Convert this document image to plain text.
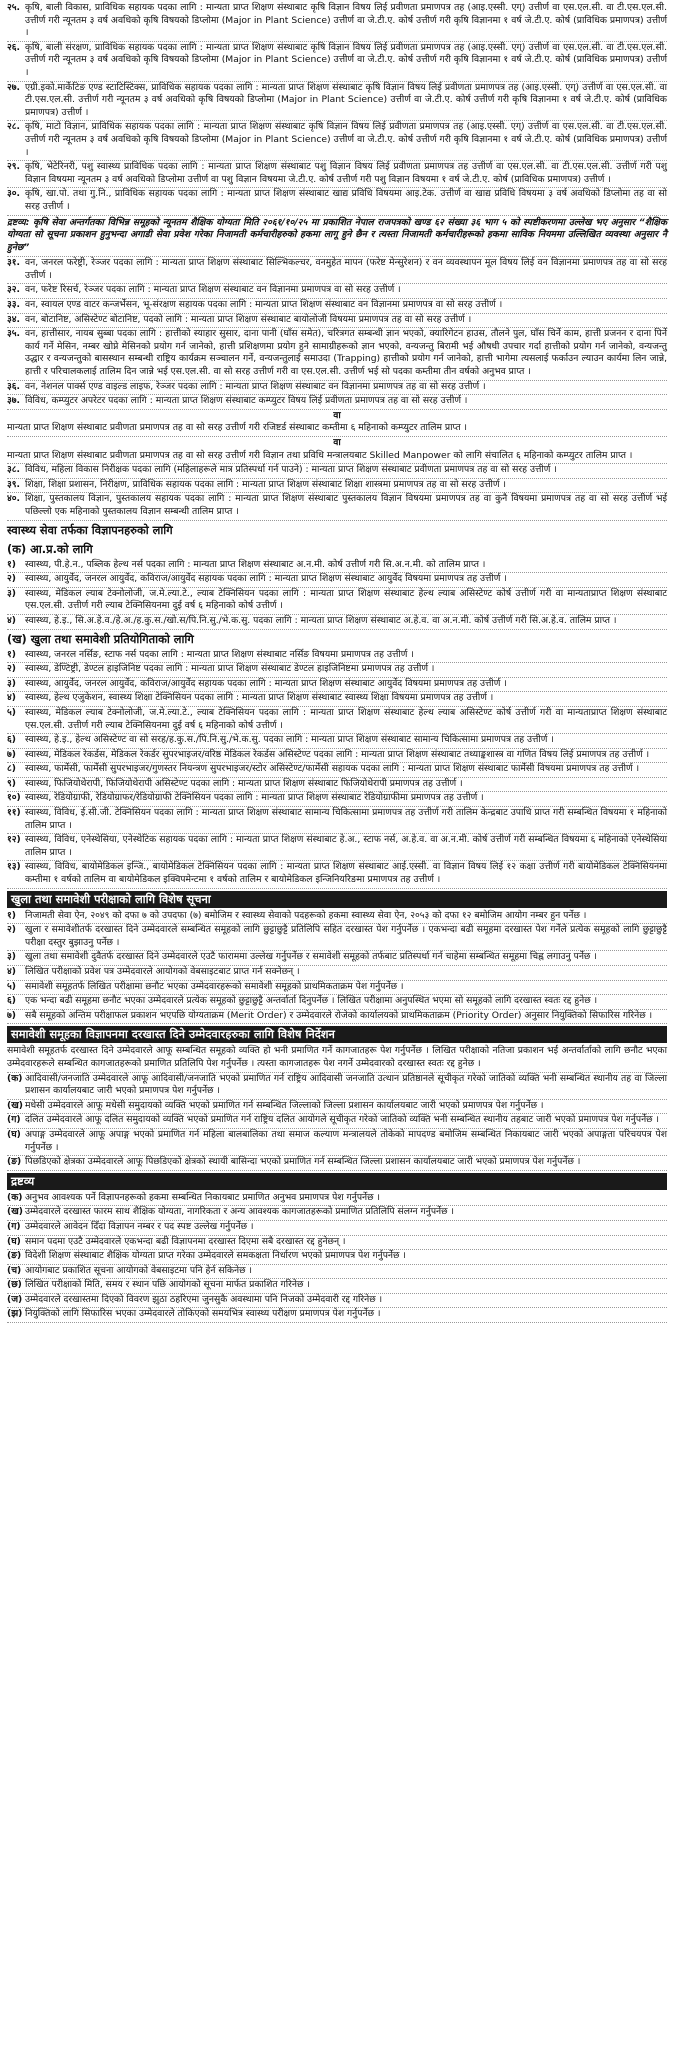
२५. कृषि, बाली विकास, प्राविधिक सहायक पदका लागि : मान्यता प्राप्त शिक्षण संस्थाबाट कृषि विज्ञान विषय लिई प्रवीणता प्रमाणपत्र तह (आइ.एस्सी. एग्) उत्तीर्ण वा एस.एल.सी. वा टी.एस.एल.सी. उत्तीर्ण गरी न्यूनतम ३ वर्ष अवधिको कृषि विषयको डिप्लोमा (Major in Plant Science) उत्तीर्ण वा जे.टी.ए. कोर्ष उत्तीर्ण गरी कृषि विज्ञानमा १ वर्ष जे.टी.ए. कोर्ष (प्राविधिक प्रमाणपत्र) उत्तीर्ण ।
२६. कृषि, बाली संरक्षण, प्राविधिक सहायक पदका लागि : मान्यता प्राप्त शिक्षण संस्थाबाट कृषि विज्ञान विषय लिई प्रवीणता प्रमाणपत्र तह (आइ.एस्सी. एग्) उत्तीर्ण वा एस.एल.सी. वा टी.एस.एल.सी. उत्तीर्ण गरी न्यूनतम ३ वर्ष अवधिको कृषि विषयको डिप्लोमा (Major in Plant Science) उत्तीर्ण वा जे.टी.ए. कोर्ष उत्तीर्ण गरी कृषि विज्ञानमा १ वर्ष जे.टी.ए. कोर्ष (प्राविधिक प्रमाणपत्र) उत्तीर्ण ।
२७. एग्री.इको.मार्केटिङ एण्ड स्टाटिस्टिक्स, प्राविधिक सहायक पदका लागि : मान्यता प्राप्त शिक्षण संस्थाबाट कृषि विज्ञान विषय लिई प्रवीणता प्रमाणपत्र तह (आइ.एस्सी. एग्) उत्तीर्ण वा एस.एल.सी. वा टी.एस.एल.सी. उत्तीर्ण गरी न्यूनतम ३ वर्ष अवधिको कृषि विषयको डिप्लोमा (Major in Plant Science) उत्तीर्ण वा जे.टी.ए. कोर्ष उत्तीर्ण गरी कृषि विज्ञानमा १ वर्ष जे.टी.ए. कोर्ष (प्राविधिक प्रमाणपत्र) उत्तीर्ण ।
२८. कृषि, माटो विज्ञान, प्राविधिक सहायक पदका लागि : मान्यता प्राप्त शिक्षण संस्थाबाट कृषि विज्ञान विषय लिई प्रवीणता प्रमाणपत्र तह (आइ.एस्सी. एग्) उत्तीर्ण वा एस.एल.सी. वा टी.एस.एल.सी. उत्तीर्ण गरी न्यूनतम ३ वर्ष अवधिको कृषि विषयको डिप्लोमा (Major in Plant Science) उत्तीर्ण वा जे.टी.ए. कोर्ष उत्तीर्ण गरी कृषि विज्ञानमा १ वर्ष जे.टी.ए. कोर्ष (प्राविधिक प्रमाणपत्र) उत्तीर्ण ।
२९. कृषि, भेटेरिनरी, पशु स्वास्थ्य प्राविधिक पदका लागि : मान्यता प्राप्त शिक्षण संस्थाबाट पशु विज्ञान विषय लिई प्रवीणता प्रमाणपत्र तह उत्तीर्ण वा एस.एल.सी. वा टी.एस.एल.सी. उत्तीर्ण गरी पशु विज्ञान विषयमा न्यूनतम ३ वर्ष अवधिको डिप्लोमा उत्तीर्ण वा पशु विज्ञान विषयमा जे.टी.ए. कोर्ष उत्तीर्ण गरी पशु विज्ञान विषयमा १ वर्ष जे.टी.ए. कोर्ष (प्राविधिक प्रमाणपत्र) उत्तीर्ण ।
३०. कृषि, खा.पो. तथा गु.नि., प्राविधिक सहायक पदका लागि : मान्यता प्राप्त शिक्षण संस्थाबाट खाद्य प्रविधि विषयमा आइ.टेक. उत्तीर्ण वा खाद्य प्रविधि विषयमा ३ वर्ष अवधिको डिप्लोमा तह वा सो सरह उत्तीर्ण ।
द्रष्टव्य: कृषि सेवा अन्तर्गतका विभिन्न समूहको न्यूनतम शैक्षिक योग्यता मिति २०६१/१०/२५ मा प्रकाशित नेपाल राजपत्रको खण्ड ६२ संख्या ३६ भाग ५ को स्पष्टीकरणमा उल्लेख भए अनुसार “शैक्षिक योग्यता सो सूचना प्रकाशन हुनुभन्दा अगाडी सेवा प्रवेश गरेका निजामती कर्मचारीहरुको हकमा लागू हुने छैन र त्यस्ता निजामती कर्मचारीहरूको हकमा साविक नियममा उल्लिखित व्यवस्था अनुसार नै हुनेछ”
३१. वन, जनरल फरेष्ट्री, रेञ्जर पदका लागि : मान्यता प्राप्त शिक्षण संस्थाबाट सिल्भिकल्चर, वनमुहेत मापन (फरेष्ट मेन्सुरेशन) र वन व्यवस्थापन मूल विषय लिई वन विज्ञानमा प्रमाणपत्र तह वा सो सरह उत्तीर्ण ।
३२. वन, फरेष्ट रिसर्च, रेञ्जर पदका लागि : मान्यता प्राप्त शिक्षण संस्थाबाट वन विज्ञानमा प्रमाणपत्र वा सो सरह उत्तीर्ण ।
३३. वन, स्वायल एण्ड वाटर कन्जर्भेसन, भू-संरक्षण सहायक पदका लागि : मान्यता प्राप्त शिक्षण संस्थाबाट वन विज्ञानमा प्रमाणपत्र वा सो सरह उत्तीर्ण ।
३४. वन, बोटानिष्ट, असिस्टेण्ट बोटानिष्ट, पदको लागि : मान्यता प्राप्त शिक्षण संस्थाबाट बायोलोजी विषयमा प्रमाणपत्र तह वा सो सरह उत्तीर्ण ।
३५. वन, हात्तीसार, नायब सुब्बा पदका लागि : हात्तीको स्याहार सुसार, दाना पानी (घाँस समेत), चरित्रगत सम्बन्धी ज्ञान भएको, क्यारिगेटन हाउस, तौलने पुल, घाँस चिर्ने काम, हात्ती प्रजनन र दाना पिर्ने कार्य गर्ने मेसिन, नम्बर खोप्ने मेसिनको प्रयोग गर्न जानेको, हात्ती प्रशिक्षणमा प्रयोग हुने सामाग्रीहरूको ज्ञान भएको, वन्यजन्तु बिरामी भई औषधी उपचार गर्दा हात्तीको प्रयोग गर्न जानेको, वन्यजन्तु उद्धार र वन्यजन्तुको बासस्थान सम्बन्धी राष्ट्रिय कार्यक्रम सञ्चालन गर्ने, वन्यजन्तुलाई समाउदा (Trapping) हात्तीको प्रयोग गर्न जानेको, हात्ती भागेमा त्यसलाई फर्काउन ल्याउन कार्यमा लिन जान्ने, हात्ती र परिचालकलाई तालिम दिन जान्ने भई एस.एल.सी. वा सो सरह उत्तीर्ण गरी वा एस.एल.सी. उत्तीर्ण भई सो पदका कम्तीमा तीन वर्षको अनुभव प्राप्त ।
३६. वन, नेशनल पार्क्स एण्ड वाइल्ड लाइफ, रेञ्जर पदका लागि : मान्यता प्राप्त शिक्षण संस्थाबाट वन विज्ञानमा प्रमाणपत्र तह वा सो सरह उत्तीर्ण ।
३७. विविध, कम्प्युटर अपरेटर पदका लागि : मान्यता प्राप्त शिक्षण संस्थाबाट कम्प्युटर विषय लिई प्रवीणता प्रमाणपत्र तह वा सो सरह उत्तीर्ण ।
वा
मान्यता प्राप्त शिक्षण संस्थाबाट प्रवीणता प्रमाणपत्र तह वा सो सरह उत्तीर्ण गरी रजिष्टर्ड संस्थाबाट कम्तीमा ६ महिनाको कम्प्युटर तालिम प्राप्त ।
वा
मान्यता प्राप्त शिक्षण संस्थाबाट प्रवीणता प्रमाणपत्र तह वा सो सरह उत्तीर्ण गरी विज्ञान तथा प्रविधि मन्त्रालयबाट Skilled Manpower को लागि संचालित ६ महिनाको कम्प्युटर तालिम प्राप्त ।
३८. विविध, महिला विकास निरीक्षक पदका लागि (महिलाहरूले मात्र प्रतिस्पर्धा गर्न पाउने) : मान्यता प्राप्त शिक्षण संस्थाबाट प्रवीणता प्रमाणपत्र तह वा सो सरह उत्तीर्ण ।
३९. शिक्षा, शिक्षा प्रशासन, निरीक्षण, प्राविधिक सहायक पदका लागि : मान्यता प्राप्त शिक्षण संस्थाबाट शिक्षा शास्त्रमा प्रमाणपत्र तह वा सो सरह उत्तीर्ण ।
४०. शिक्षा, पुस्तकालय विज्ञान, पुस्तकालय सहायक पदका लागि : मान्यता प्राप्त शिक्षण संस्थाबाट पुस्तकालय विज्ञान विषयमा प्रमाणपत्र तह वा कुनै विषयमा प्रमाणपत्र तह वा सो सरह उत्तीर्ण भई पछिल्लो एक महिनाको पुस्तकालय विज्ञान सम्बन्धी तालिम प्राप्त ।
स्वास्थ्य सेवा तर्फका विज्ञापनहरुको लागि
(क) आ.प्र.को लागि
१) स्वास्थ्य, पी.हे.न., पब्लिक हेल्थ नर्स पदका लागि : मान्यता प्राप्त शिक्षण संस्थाबाट अ.न.मी. कोर्ष उत्तीर्ण गरी सि.अ.न.मी. को तालिम प्राप्त ।
२) स्वास्थ्य, आयुर्वेद, जनरल आयुर्वेद, कविराज/आयुर्वेद सहायक पदका लागि : मान्यता प्राप्त शिक्षण संस्थाबाट आयुर्वेद विषयमा प्रमाणपत्र तह उत्तीर्ण ।
३) स्वास्थ्य, मेडिकल ल्याब टेक्नोलोजी, ज.मे.ल्या.टे., ल्याब टेक्निसियन पदका लागि : मान्यता प्राप्त शिक्षण संस्थाबाट हेल्थ ल्याब असिस्टेण्ट कोर्ष उत्तीर्ण गरी वा मान्यताप्राप्त शिक्षण संस्थाबाट एस.एल.सी. उत्तीर्ण गरी ल्याब टेक्निसियनमा दुई वर्ष ६ महिनाको कोर्ष उत्तीर्ण ।
४) स्वास्थ्य, हे.इ., सि.अ.हे.व./हे.अ./ह.कु.स./खो.स/पि.नि.सु./भे.क.सु. पदका लागि : मान्यता प्राप्त शिक्षण संस्थाबाट अ.हे.व. वा अ.न.मी. कोर्ष उत्तीर्ण गरी सि.अ.हे.व. तालिम प्राप्त ।
(ख) खुला तथा समावेशी प्रतियोगिताको लागि
१) स्वास्थ्य, जनरल नर्सिङ, स्टाफ नर्स पदका लागि : मान्यता प्राप्त शिक्षण संस्थाबाट नर्सिङ विषयमा प्रमाणपत्र तह उत्तीर्ण ।
२) स्वास्थ्य, डेण्टिष्ट्री, डेण्टल हाइजिनिष्ट पदका लागि : मान्यता प्राप्त शिक्षण संस्थाबाट डेण्टल हाइजिनिष्टमा प्रमाणपत्र तह उत्तीर्ण ।
३) स्वास्थ्य, आयुर्वेद, जनरल आयुर्वेद, कविराज/आयुर्वेद सहायक पदका लागि : मान्यता प्राप्त शिक्षण संस्थाबाट आयुर्वेद विषयमा प्रमाणपत्र तह उत्तीर्ण ।
४) स्वास्थ्य, हेल्थ एजुकेशन, स्वास्थ्य शिक्षा टेक्निसियन पदका लागि : मान्यता प्राप्त शिक्षण संस्थाबाट स्वास्थ्य शिक्षा विषयमा प्रमाणपत्र तह उत्तीर्ण ।
५) स्वास्थ्य, मेडिकल ल्याब टेक्नोलोजी, ज.मे.ल्या.टे., ल्याब टेक्निसियन पदका लागि : मान्यता प्राप्त शिक्षण संस्थाबाट हेल्थ ल्याब असिस्टेण्ट कोर्ष उत्तीर्ण गरी वा मान्यताप्राप्त शिक्षण संस्थाबाट एस.एल.सी. उत्तीर्ण गरी ल्याब टेक्निसियनमा दुई वर्ष ६ महिनाको कोर्ष उत्तीर्ण ।
६) स्वास्थ्य, हे.इ., हेल्थ असिस्टेण्ट वा सो सरह/ह.कु.स./पि.नि.सु./भे.क.सु. पदका लागि : मान्यता प्राप्त शिक्षण संस्थाबाट सामान्य चिकित्सामा प्रमाणपत्र तह उत्तीर्ण ।
७) स्वास्थ्य, मेडिकल रेकर्डस, मेडिकल रेकर्डर सुपरभाइजर/वरिष्ठ मेडिकल रेकर्डस असिस्टेण्ट पदका लागि : मान्यता प्राप्त शिक्षण संस्थाबाट तथ्याङ्कशास्त्र वा गणित विषय लिई प्रमाणपत्र तह उत्तीर्ण ।
८) स्वास्थ्य, फार्मेसी, फार्मेसी सुपरभाइजर/गुणस्तर नियन्त्रण सुपरभाइजर/स्टोर असिस्टेण्ट/फार्मेसी सहायक पदका लागि : मान्यता प्राप्त शिक्षण संस्थाबाट फार्मेसी विषयमा प्रमाणपत्र तह उत्तीर्ण ।
९) स्वास्थ्य, फिजियोथेरापी, फिजियोथेरापी असिस्टेण्ट पदका लागि : मान्यता प्राप्त शिक्षण संस्थाबाट फिजियोथेरापी प्रमाणपत्र तह उत्तीर्ण ।
१०) स्वास्थ्य, रेडियोग्राफी, रेडियोग्राफर/रेडियोग्राफी टेक्निसियन पदका लागि : मान्यता प्राप्त शिक्षण संस्थाबाट रेडियोग्राफीमा प्रमाणपत्र तह उत्तीर्ण ।
११) स्वास्थ्य, विविध, ई.सी.जी. टेक्निसियन पदका लागि : मान्यता प्राप्त शिक्षण संस्थाबाट सामान्य चिकित्सामा प्रमाणपत्र तह उत्तीर्ण गरी तालिम केन्द्रबाट उपाधि प्राप्त गरी सम्बन्धित विषयमा १ महिनाको तालिम प्राप्त ।
१२) स्वास्थ्य, विविध, एनेस्थेसिया, एनेस्थेटिक सहायक पदका लागि : मान्यता प्राप्त शिक्षण संस्थाबाट हे.अ., स्टाफ नर्स, अ.हे.व. वा अ.न.मी. कोर्ष उत्तीर्ण गरी सम्बन्धित विषयमा ६ महिनाको एनेस्थेसिया तालिम प्राप्त ।
१३) स्वास्थ्य, विविध, बायोमेडिकल इन्जि., बायोमेडिकल टेक्निसियन पदका लागि : मान्यता प्राप्त शिक्षण संस्थाबाट आई.एस्सी. वा विज्ञान विषय लिई १२ कक्षा उत्तीर्ण गरी बायोमेडिकल टेक्निसियनमा कम्तीमा १ वर्षको तालिम वा बायोमेडिकल इक्विपमेन्टमा १ वर्षको तालिम र बायोमेडिकल इन्जिनियरिङमा प्रमाणपत्र तह उत्तीर्ण ।
खुला तथा समावेशी परीक्षाको लागि विशेष सूचना
१) निजामती सेवा ऐन, २०४९ को दफा ७ को उपदफा (७) बमोजिम र स्वास्थ्य सेवाको पदहरूको हकमा स्वास्थ्य सेवा ऐन, २०५३ को दफा १२ बमोजिम आयोग नम्बर हुन पर्नेछ ।
२) खुला र समावेशीतर्फ दरखास्त दिने उम्मेदवारले सम्बन्धित समूहको लागि छुट्टाछुट्टै प्रतिलिपि सहित दरखास्त पेश गर्नुपर्नेछ । एकभन्दा बढी समूहमा दरखास्त पेश गर्नेले प्रत्येक समूहको लागि छुट्टाछुट्टै परीक्षा दस्तुर बुझाउनु पर्नेछ ।
३) खुला तथा समावेशी दुवैतर्फ दरखास्त दिने उम्मेदवारले एउटै फाराममा उल्लेख गर्नुपर्नेछ र समावेशी समूहको तर्फबाट प्रतिस्पर्धा गर्न चाहेमा सम्बन्धित समूहमा चिह्न लगाउनु पर्नेछ ।
४) लिखित परीक्षाको प्रवेश पत्र उम्मेदवारले आयोगको वेबसाइटबाट प्राप्त गर्न सक्नेछन् ।
५) समावेशी समूहतर्फ लिखित परीक्षामा छनौट भएका उम्मेदवारहरूको समावेशी समूहको प्राथमिकताक्रम पेश गर्नुपर्नेछ ।
६) एक भन्दा बढी समूहमा छनौट भएका उम्मेदवारले प्रत्येक समूहको छुट्टाछुट्टै अन्तर्वार्ता दिनुपर्नेछ । लिखित परीक्षामा अनुपस्थित भएमा सो समूहको लागि दरखास्त स्वतः रद्द हुनेछ ।
७) सबै समूहको अन्तिम परीक्षाफल प्रकाशन भएपछि योग्यताक्रम (Merit Order) र उम्मेदवारले रोजेको कार्यालयको प्राथमिकताक्रम (Priority Order) अनुसार नियुक्तिको सिफारिस गरिनेछ ।
समावेशी समूहका विज्ञापनमा दरखास्त दिने उम्मेदवारहरुका लागि विशेष निर्देशन
समावेशी समूहतर्फ दरखास्त दिने उम्मेदवारले आफू सम्बन्धित समूहको व्यक्ति हो भनी प्रमाणित गर्ने कागजातहरू पेश गर्नुपर्नेछ । लिखित परीक्षाको नतिजा प्रकाशन भई अन्तर्वार्ताको लागि छनौट भएका उम्मेदवारहरूले सम्बन्धित कागजातहरूको प्रमाणित प्रतिलिपि पेश गर्नुपर्नेछ । त्यस्ता कागजातहरू पेश नगर्ने उम्मेदवारको दरखास्त स्वतः रद्द हुनेछ ।
(क) आदिवासी/जनजाति उम्मेदवारले आफू आदिवासी/जनजाति भएको प्रमाणित गर्न राष्ट्रिय आदिवासी जनजाति उत्थान प्रतिष्ठानले सूचीकृत गरेको जातिको व्यक्ति भनी सम्बन्धित स्थानीय तह वा जिल्ला प्रशासन कार्यालयबाट जारी भएको प्रमाणपत्र पेश गर्नुपर्नेछ ।
(ख) मधेसी उम्मेदवारले आफू मधेसी समुदायको व्यक्ति भएको प्रमाणित गर्न सम्बन्धित जिल्लाको जिल्ला प्रशासन कार्यालयबाट जारी भएको प्रमाणपत्र पेश गर्नुपर्नेछ ।
(ग) दलित उम्मेदवारले आफू दलित समुदायको व्यक्ति भएको प्रमाणित गर्न राष्ट्रिय दलित आयोगले सूचीकृत गरेको जातिको व्यक्ति भनी सम्बन्धित स्थानीय तहबाट जारी भएको प्रमाणपत्र पेश गर्नुपर्नेछ ।
(घ) अपाङ्ग उम्मेदवारले आफू अपाङ्ग भएको प्रमाणित गर्न महिला बालबालिका तथा समाज कल्याण मन्त्रालयले तोकेको मापदण्ड बमोजिम सम्बन्धित निकायबाट जारी भएको अपाङ्गता परिचयपत्र पेश गर्नुपर्नेछ ।
(ङ) पिछडिएको क्षेत्रका उम्मेदवारले आफू पिछडिएको क्षेत्रको स्थायी बासिन्दा भएको प्रमाणित गर्न सम्बन्धित जिल्ला प्रशासन कार्यालयबाट जारी भएको प्रमाणपत्र पेश गर्नुपर्नेछ ।
द्रष्टव्य
(क) अनुभव आवश्यक पर्ने विज्ञापनहरूको हकमा सम्बन्धित निकायबाट प्रमाणित अनुभव प्रमाणपत्र पेश गर्नुपर्नेछ ।
(ख) उम्मेदवारले दरखास्त फारम साथ शैक्षिक योग्यता, नागरिकता र अन्य आवश्यक कागजातहरूको प्रमाणित प्रतिलिपि संलग्न गर्नुपर्नेछ ।
(ग) उम्मेदवारले आवेदन दिँदा विज्ञापन नम्बर र पद स्पष्ट उल्लेख गर्नुपर्नेछ ।
(घ) समान पदमा एउटै उम्मेदवारले एकभन्दा बढी विज्ञापनमा दरखास्त दिएमा सबै दरखास्त रद्द हुनेछन् ।
(ङ) विदेशी शिक्षण संस्थाबाट शैक्षिक योग्यता प्राप्त गरेका उम्मेदवारले समकक्षता निर्धारण भएको प्रमाणपत्र पेश गर्नुपर्नेछ ।
(च) आयोगबाट प्रकाशित सूचना आयोगको वेबसाइटमा पनि हेर्न सकिनेछ ।
(छ) लिखित परीक्षाको मिति, समय र स्थान पछि आयोगको सूचना मार्फत प्रकाशित गरिनेछ ।
(ज) उम्मेदवारले दरखास्तमा दिएको विवरण झुठा ठहरिएमा जुनसुकै अवस्थामा पनि निजको उम्मेदवारी रद्द गरिनेछ ।
(झ) नियुक्तिको लागि सिफारिस भएका उम्मेदवारले तोकिएको समयभित्र स्वास्थ्य परीक्षण प्रमाणपत्र पेश गर्नुपर्नेछ ।
